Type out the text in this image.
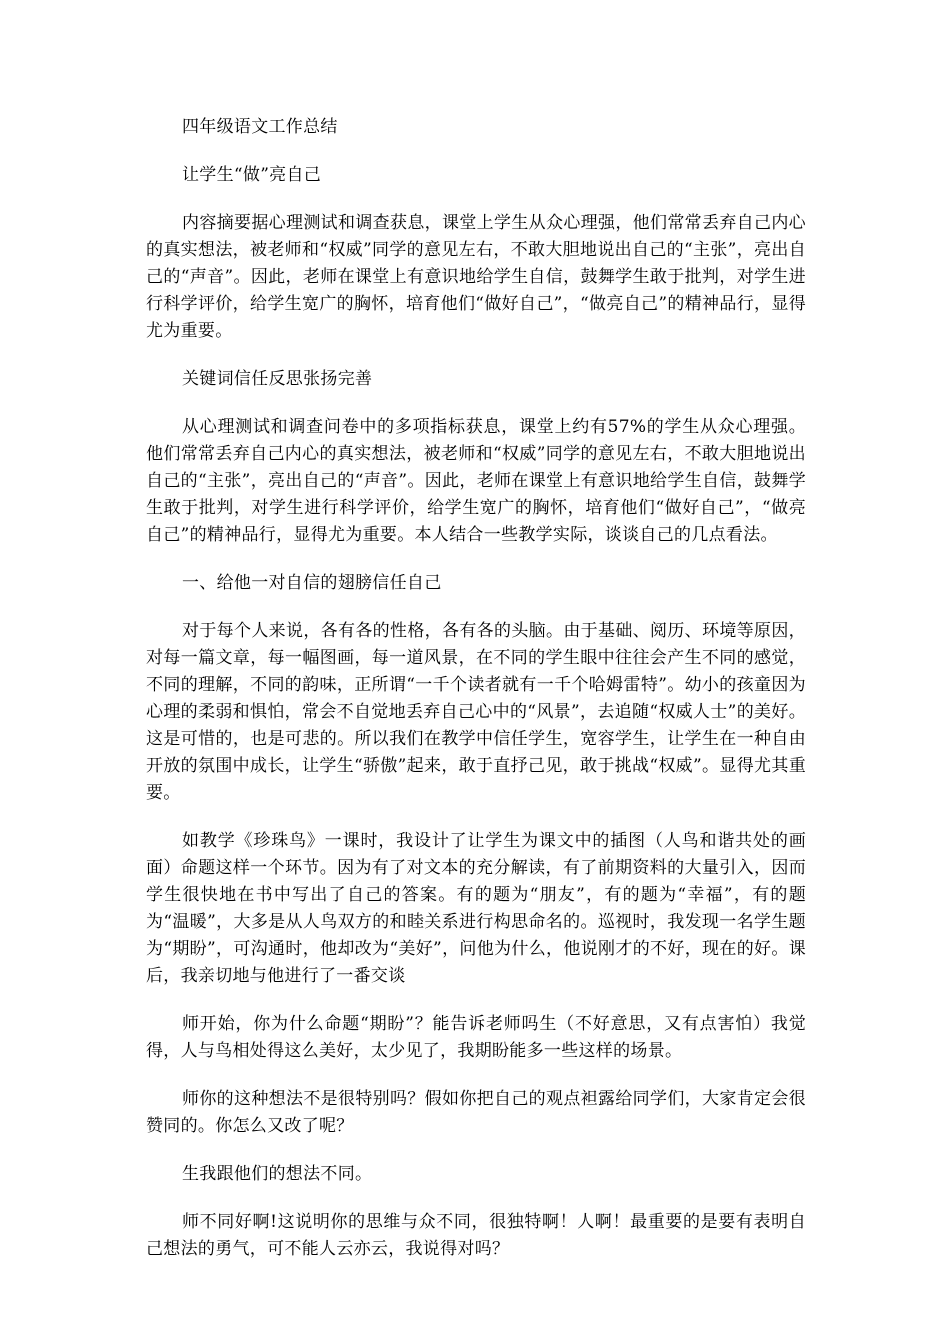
四年级语文工作总结

让学生“做”亮自己

内容摘要据心理测试和调查获息，课堂上学生从众心理强，他们常常丢弃自己内心的真实想法，被老师和“权威”同学的意见左右，不敢大胆地说出自己的“主张”，亮出自己的“声音”。因此，老师在课堂上有意识地给学生自信，鼓舞学生敢于批判，对学生进行科学评价，给学生宽广的胸怀，培育他们“做好自己”，“做亮自己”的精神品行，显得尤为重要。

关键词信任反思张扬完善

从心理测试和调查问卷中的多项指标获息，课堂上约有57%的学生从众心理强。他们常常丢弃自己内心的真实想法，被老师和“权威”同学的意见左右，不敢大胆地说出自己的“主张”，亮出自己的“声音”。因此，老师在课堂上有意识地给学生自信，鼓舞学生敢于批判，对学生进行科学评价，给学生宽广的胸怀，培育他们“做好自己”，“做亮自己”的精神品行，显得尤为重要。本人结合一些教学实际，谈谈自己的几点看法。

一、给他一对自信的翅膀信任自己

对于每个人来说，各有各的性格，各有各的头脑。由于基础、阅历、环境等原因，对每一篇文章，每一幅图画，每一道风景，在不同的学生眼中往往会产生不同的感觉，不同的理解，不同的韵味，正所谓“一千个读者就有一千个哈姆雷特”。幼小的孩童因为心理的柔弱和惧怕，常会不自觉地丢弃自己心中的“风景”，去追随“权威人士”的美好。这是可惜的，也是可悲的。所以我们在教学中信任学生，宽容学生，让学生在一种自由开放的氛围中成长，让学生“骄傲”起来，敢于直抒己见，敢于挑战“权威”。显得尤其重要。

如教学《珍珠鸟》一课时，我设计了让学生为课文中的插图（人鸟和谐共处的画面）命题这样一个环节。因为有了对文本的充分解读，有了前期资料的大量引入，因而学生很快地在书中写出了自己的答案。有的题为“朋友”，有的题为“幸福”，有的题为“温暖”，大多是从人鸟双方的和睦关系进行构思命名的。巡视时，我发现一名学生题为“期盼”，可沟通时，他却改为“美好”，问他为什么，他说刚才的不好，现在的好。课后，我亲切地与他进行了一番交谈

师开始，你为什么命题“期盼”？能告诉老师吗生（不好意思，又有点害怕）我觉得，人与鸟相处得这么美好，太少见了，我期盼能多一些这样的场景。

师你的这种想法不是很特别吗？假如你把自己的观点袒露给同学们，大家肯定会很赞同的。你怎么又改了呢？

生我跟他们的想法不同。

师不同好啊!这说明你的思维与众不同，很独特啊！人啊！最重要的是要有表明自己想法的勇气，可不能人云亦云，我说得对吗？
